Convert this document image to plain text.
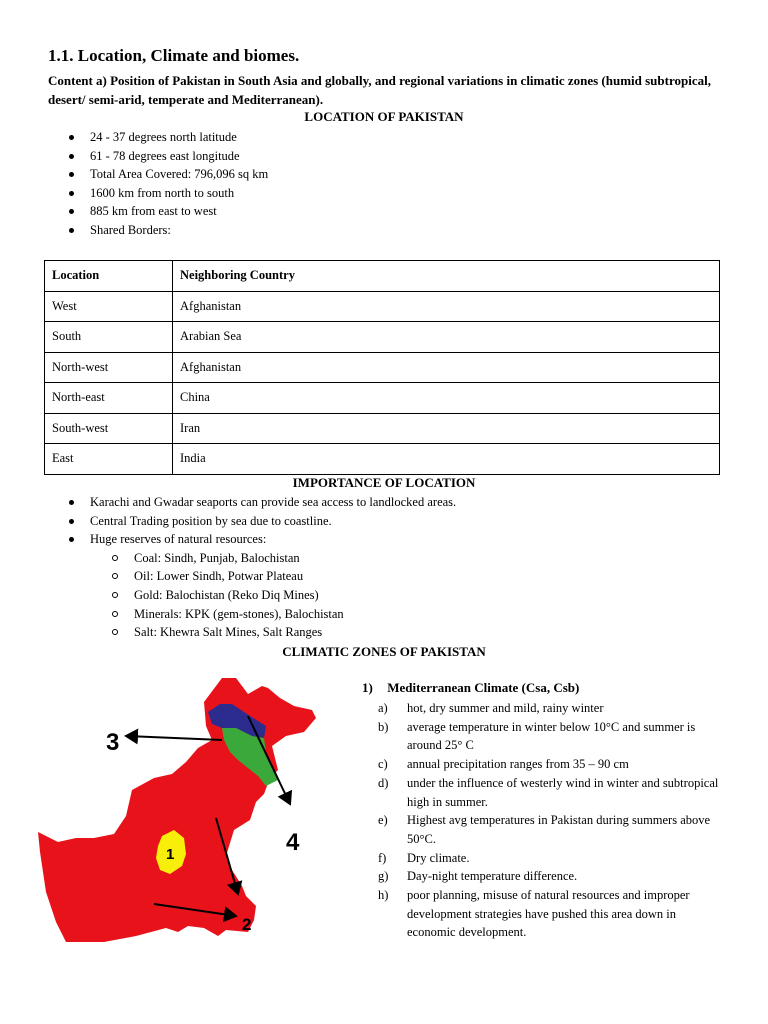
1.1. Location, Climate and biomes.
Content a) Position of Pakistan in South Asia and globally, and regional variations in climatic zones (humid subtropical, desert/ semi-arid, temperate and Mediterranean).
LOCATION OF PAKISTAN
24 - 37 degrees north latitude
61 - 78 degrees east longitude
Total Area Covered: 796,096 sq km
1600 km from north to south
885 km from east to west
Shared Borders:
Location	Neighboring Country
West	Afghanistan
South	Arabian Sea
North-west	Afghanistan
North-east	China
South-west	Iran
East	India
IMPORTANCE OF LOCATION
Karachi and Gwadar seaports can provide sea access to landlocked areas.
Central Trading position by sea due to coastline.
Huge reserves of natural resources:
Coal: Sindh, Punjab, Balochistan
Oil: Lower Sindh, Potwar Plateau
Gold: Balochistan (Reko Diq Mines)
Minerals: KPK (gem-stones), Balochistan
Salt: Khewra Salt Mines, Salt Ranges
CLIMATIC ZONES OF PAKISTAN
1
3
4
2
1) Mediterranean Climate (Csa, Csb)
a) hot, dry summer and mild, rainy winter
b) average temperature in winter below 10°C and summer is around 25° C
c) annual precipitation ranges from 35 – 90 cm
d) under the influence of westerly wind in winter and subtropical high in summer.
e) Highest avg temperatures in Pakistan during summers above 50°C.
f) Dry climate.
g) Day-night temperature difference.
h) poor planning, misuse of natural resources and improper development strategies have pushed this area down in economic development.
